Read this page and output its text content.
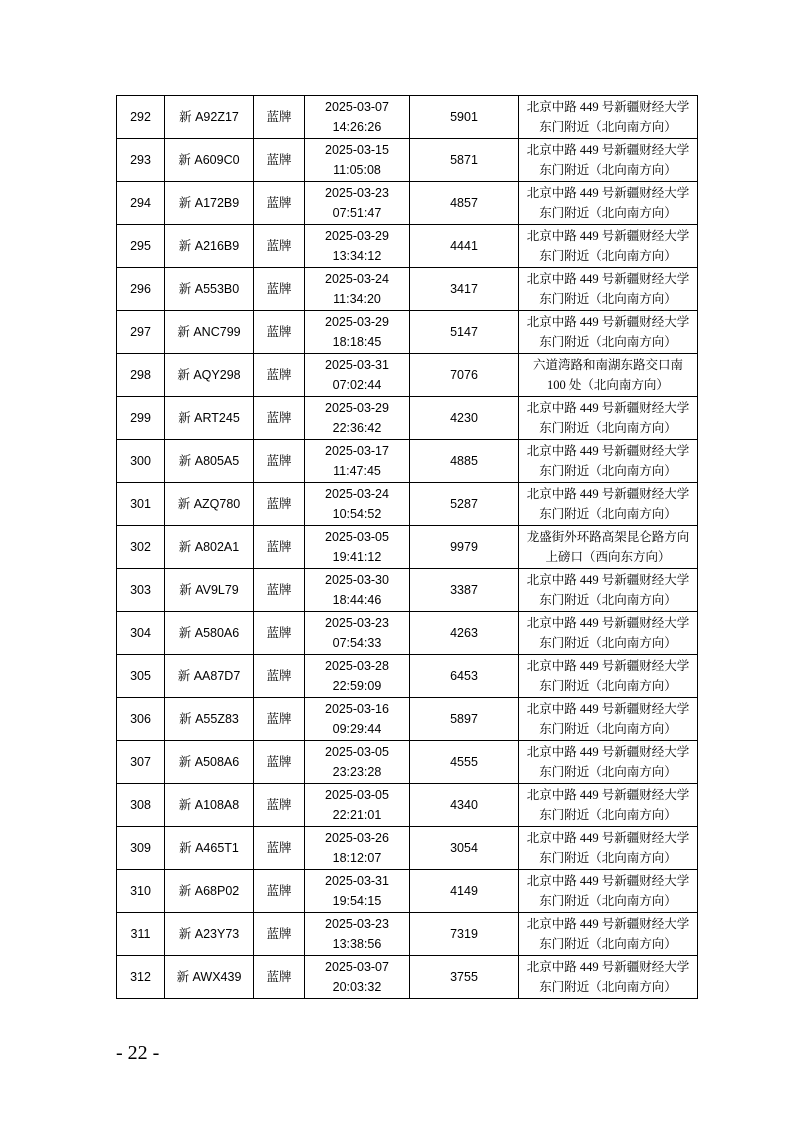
292	新 A92Z17	蓝牌	2025-03-07
14:26:26	5901	北京中路 449 号新疆财经大学
东门附近（北向南方向）

293	新 A609C0	蓝牌	2025-03-15
11:05:08	5871	北京中路 449 号新疆财经大学
东门附近（北向南方向）

294	新 A172B9	蓝牌	2025-03-23
07:51:47	4857	北京中路 449 号新疆财经大学
东门附近（北向南方向）

295	新 A216B9	蓝牌	2025-03-29
13:34:12	4441	北京中路 449 号新疆财经大学
东门附近（北向南方向）

296	新 A553B0	蓝牌	2025-03-24
11:34:20	3417	北京中路 449 号新疆财经大学
东门附近（北向南方向）

297	新 ANC799	蓝牌	2025-03-29
18:18:45	5147	北京中路 449 号新疆财经大学
东门附近（北向南方向）

298	新 AQY298	蓝牌	2025-03-31
07:02:44	7076	六道湾路和南湖东路交口南
100 处（北向南方向）

299	新 ART245	蓝牌	2025-03-29
22:36:42	4230	北京中路 449 号新疆财经大学
东门附近（北向南方向）

300	新 A805A5	蓝牌	2025-03-17
11:47:45	4885	北京中路 449 号新疆财经大学
东门附近（北向南方向）

301	新 AZQ780	蓝牌	2025-03-24
10:54:52	5287	北京中路 449 号新疆财经大学
东门附近（北向南方向）

302	新 A802A1	蓝牌	2025-03-05
19:41:12	9979	龙盛街外环路高架昆仑路方向
上磅口（西向东方向）

303	新 AV9L79	蓝牌	2025-03-30
18:44:46	3387	北京中路 449 号新疆财经大学
东门附近（北向南方向）

304	新 A580A6	蓝牌	2025-03-23
07:54:33	4263	北京中路 449 号新疆财经大学
东门附近（北向南方向）

305	新 AA87D7	蓝牌	2025-03-28
22:59:09	6453	北京中路 449 号新疆财经大学
东门附近（北向南方向）

306	新 A55Z83	蓝牌	2025-03-16
09:29:44	5897	北京中路 449 号新疆财经大学
东门附近（北向南方向）

307	新 A508A6	蓝牌	2025-03-05
23:23:28	4555	北京中路 449 号新疆财经大学
东门附近（北向南方向）

308	新 A108A8	蓝牌	2025-03-05
22:21:01	4340	北京中路 449 号新疆财经大学
东门附近（北向南方向）

309	新 A465T1	蓝牌	2025-03-26
18:12:07	3054	北京中路 449 号新疆财经大学
东门附近（北向南方向）

310	新 A68P02	蓝牌	2025-03-31
19:54:15	4149	北京中路 449 号新疆财经大学
东门附近（北向南方向）

311	新 A23Y73	蓝牌	2025-03-23
13:38:56	7319	北京中路 449 号新疆财经大学
东门附近（北向南方向）

312	新 AWX439	蓝牌	2025-03-07
20:03:32	3755	北京中路 449 号新疆财经大学
东门附近（北向南方向）
- 22 -
